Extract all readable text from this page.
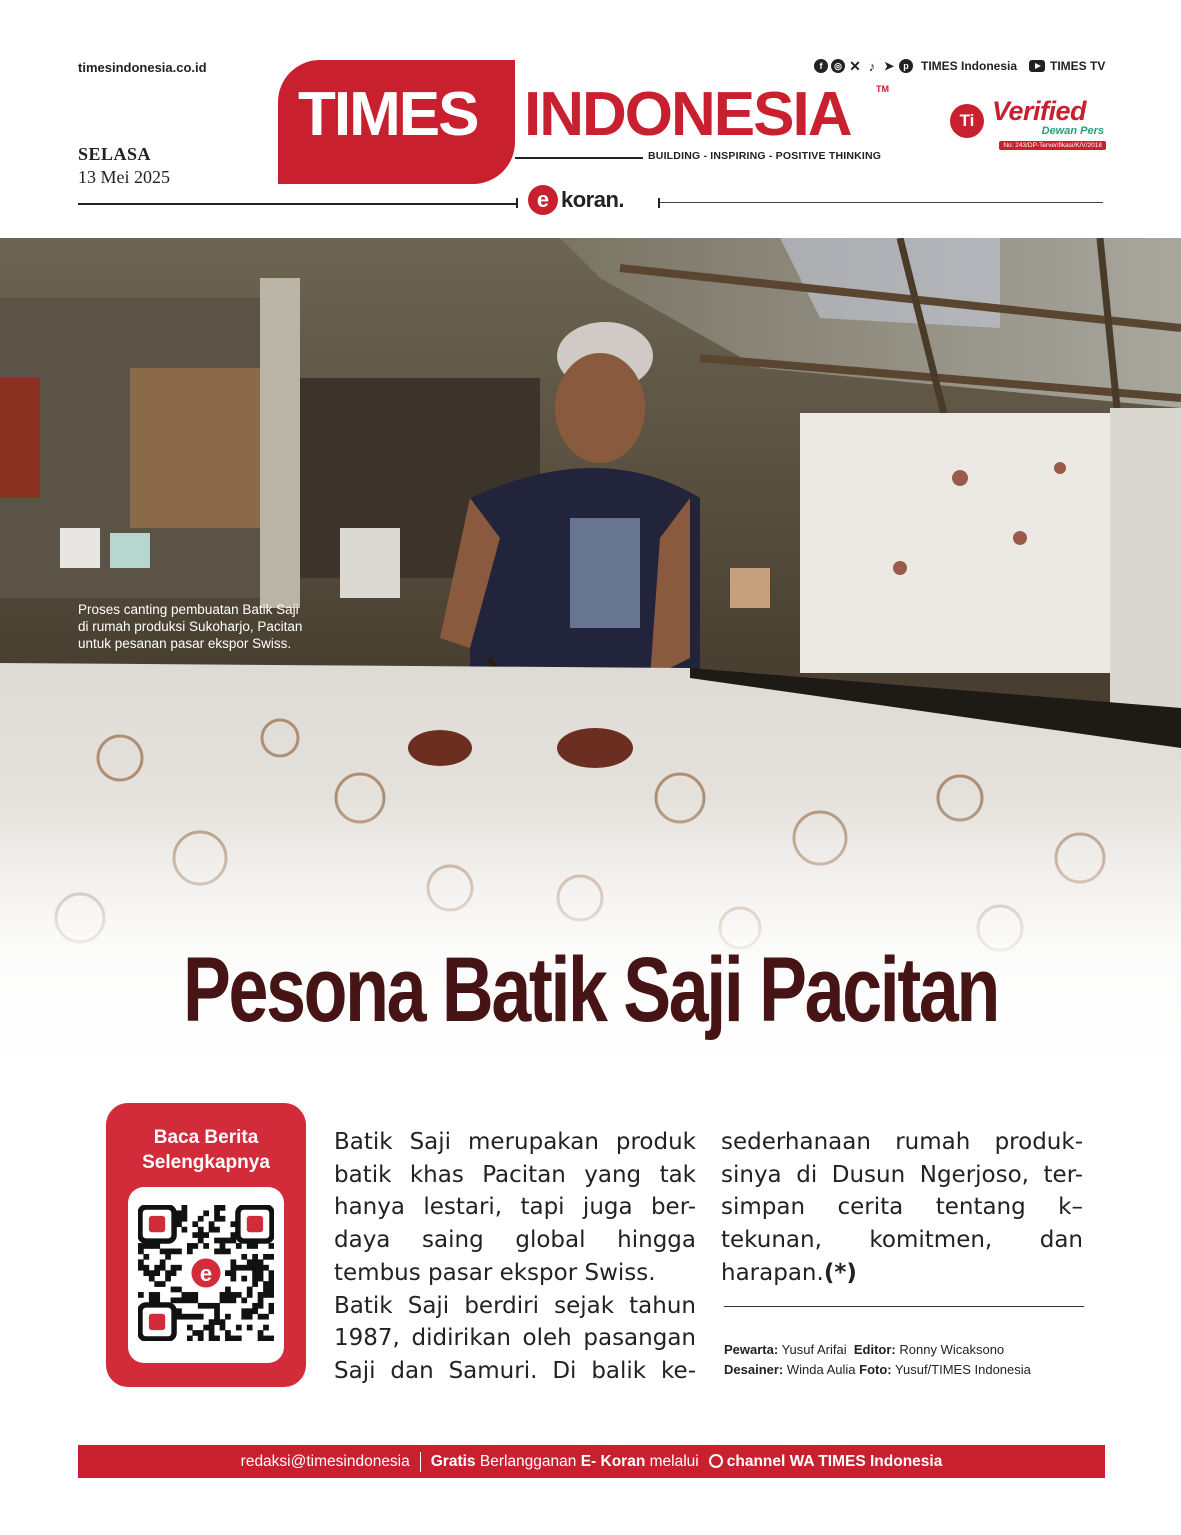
timesindonesia.co.id
SELASA
13 Mei 2025
TIMES INDONESIA	TM
BUILDING - INSPIRING - POSITIVE THINKING
f	◎ ✕ ♪ ➤	p	TIMES Indonesia	TIMES TV
Ti Verified
Dewan Pers
No: 243/DP-Terverifikasi/K/V/2018
e koran.
Proses canting pembuatan Batik Saji
di rumah produksi Sukoharjo, Pacitan
untuk pesanan pasar ekspor Swiss.
Pesona Batik Saji Pacitan
Baca Berita
Selengkapnya
e
Batik Saji merupakan produk
batik khas Pacitan yang tak
hanya lestari, tapi juga ber-
daya saing global hingga
tembus pasar ekspor Swiss.
Batik Saji berdiri sejak tahun
1987, didirikan oleh pasangan
Saji dan Samuri. Di balik ke-
sederhanaan rumah produk-
sinya di Dusun Ngerjoso, ter-
simpan cerita tentang k–
tekunan, komitmen, dan
harapan.(*)
Pewarta: Yusuf Arifai Editor: Ronny Wicaksono
Desainer: Winda Aulia Foto: Yusuf/TIMES Indonesia
redaksi@timesindonesia Gratis Berlangganan E- Koran melalui	channel WA TIMES Indonesia
